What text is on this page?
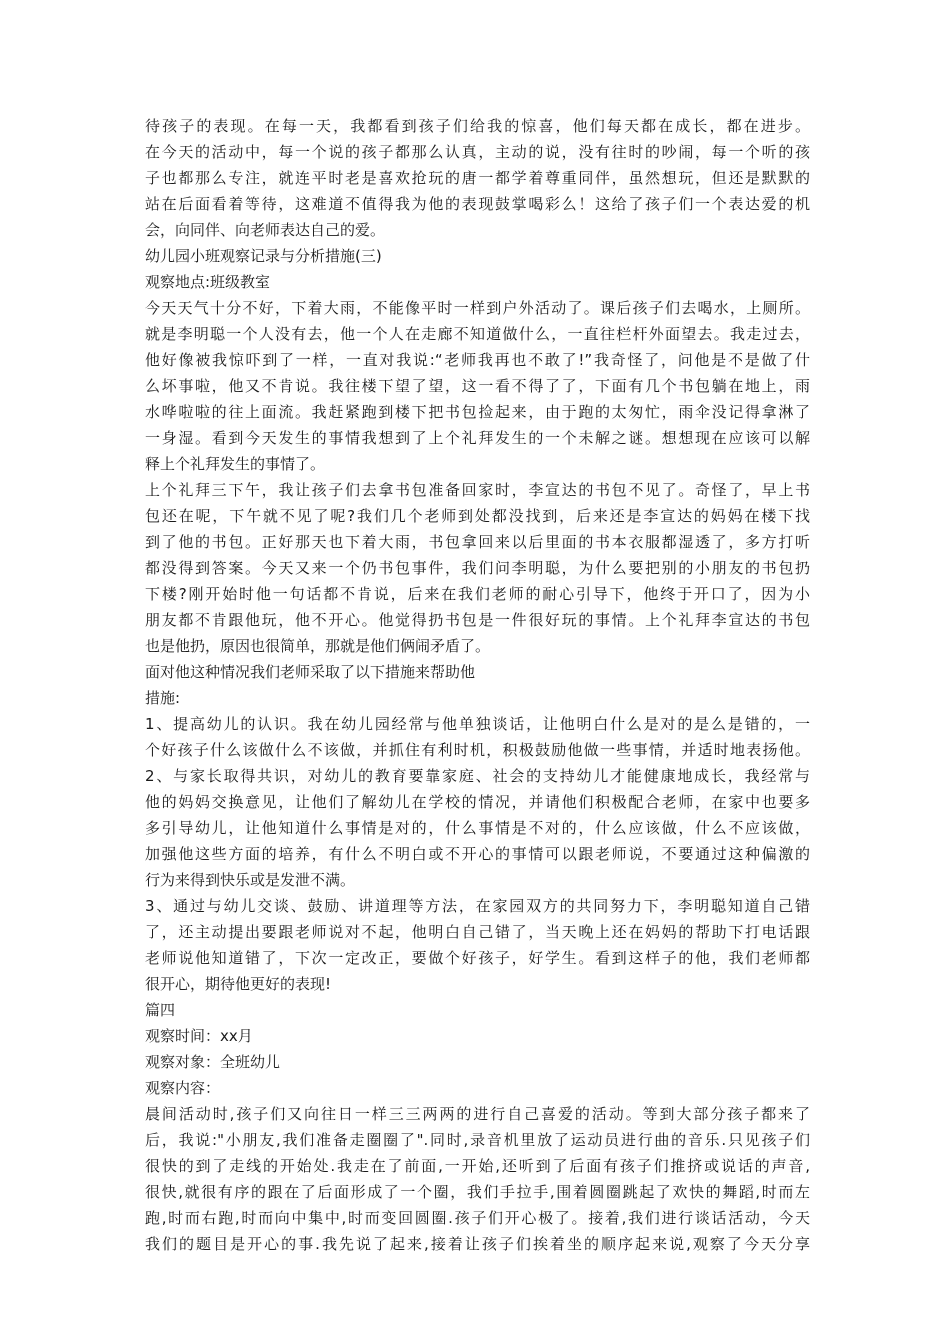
待孩子的表现。在每一天，我都看到孩子们给我的惊喜，他们每天都在成长，都在进步。
在今天的活动中，每一个说的孩子都那么认真，主动的说，没有往时的吵闹，每一个听的孩
子也都那么专注，就连平时老是喜欢抢玩的唐一都学着尊重同伴，虽然想玩，但还是默默的
站在后面看着等待，这难道不值得我为他的表现鼓掌喝彩么！这给了孩子们一个表达爱的机
会，向同伴、向老师表达自己的爱。
幼儿园小班观察记录与分析措施(三)
观察地点:班级教室
今天天气十分不好，下着大雨，不能像平时一样到户外活动了。课后孩子们去喝水，上厕所。
就是李明聪一个人没有去，他一个人在走廊不知道做什么，一直往栏杆外面望去。我走过去，
他好像被我惊吓到了一样，一直对我说:“老师我再也不敢了!”我奇怪了，问他是不是做了什
么坏事啦，他又不肯说。我往楼下望了望，这一看不得了了，下面有几个书包躺在地上，雨
水哗啦啦的往上面流。我赶紧跑到楼下把书包捡起来，由于跑的太匆忙，雨伞没记得拿淋了
一身湿。看到今天发生的事情我想到了上个礼拜发生的一个未解之谜。想想现在应该可以解
释上个礼拜发生的事情了。
上个礼拜三下午，我让孩子们去拿书包准备回家时，李宣达的书包不见了。奇怪了，早上书
包还在呢，下午就不见了呢?我们几个老师到处都没找到，后来还是李宣达的妈妈在楼下找
到了他的书包。正好那天也下着大雨，书包拿回来以后里面的书本衣服都湿透了，多方打听
都没得到答案。今天又来一个仍书包事件，我们问李明聪，为什么要把别的小朋友的书包扔
下楼?刚开始时他一句话都不肯说，后来在我们老师的耐心引导下，他终于开口了，因为小
朋友都不肯跟他玩，他不开心。他觉得扔书包是一件很好玩的事情。上个礼拜李宣达的书包
也是他扔，原因也很简单，那就是他们俩闹矛盾了。
面对他这种情况我们老师采取了以下措施来帮助他
措施:
1、提高幼儿的认识。我在幼儿园经常与他单独谈话，让他明白什么是对的是么是错的，一
个好孩子什么该做什么不该做，并抓住有利时机，积极鼓励他做一些事情，并适时地表扬他。
2、与家长取得共识，对幼儿的教育要靠家庭、社会的支持幼儿才能健康地成长，我经常与
他的妈妈交换意见，让他们了解幼儿在学校的情况，并请他们积极配合老师，在家中也要多
多引导幼儿，让他知道什么事情是对的，什么事情是不对的，什么应该做，什么不应该做，
加强他这些方面的培养，有什么不明白或不开心的事情可以跟老师说，不要通过这种偏激的
行为来得到快乐或是发泄不满。
3、通过与幼儿交谈、鼓励、讲道理等方法，在家园双方的共同努力下，李明聪知道自己错
了，还主动提出要跟老师说对不起，他明白自己错了，当天晚上还在妈妈的帮助下打电话跟
老师说他知道错了，下次一定改正，要做个好孩子，好学生。看到这样子的他，我们老师都
很开心，期待他更好的表现!
篇四
观察时间：xx月
观察对象：全班幼儿
观察内容：
晨间活动时,孩子们又向往日一样三三两两的进行自己喜爱的活动。等到大部分孩子都来了
后，我说:"小朋友,我们准备走圈圈了".同时,录音机里放了运动员进行曲的音乐.只见孩子们
很快的到了走线的开始处.我走在了前面,一开始,还听到了后面有孩子们推挤或说话的声音,
很快,就很有序的跟在了后面形成了一个圈，我们手拉手,围着圆圈跳起了欢快的舞蹈,时而左
跑,时而右跑,时而向中集中,时而变回圆圈.孩子们开心极了。接着,我们进行谈话活动，今天
我们的题目是开心的事.我先说了起来,接着让孩子们挨着坐的顺序起来说,观察了今天分享
